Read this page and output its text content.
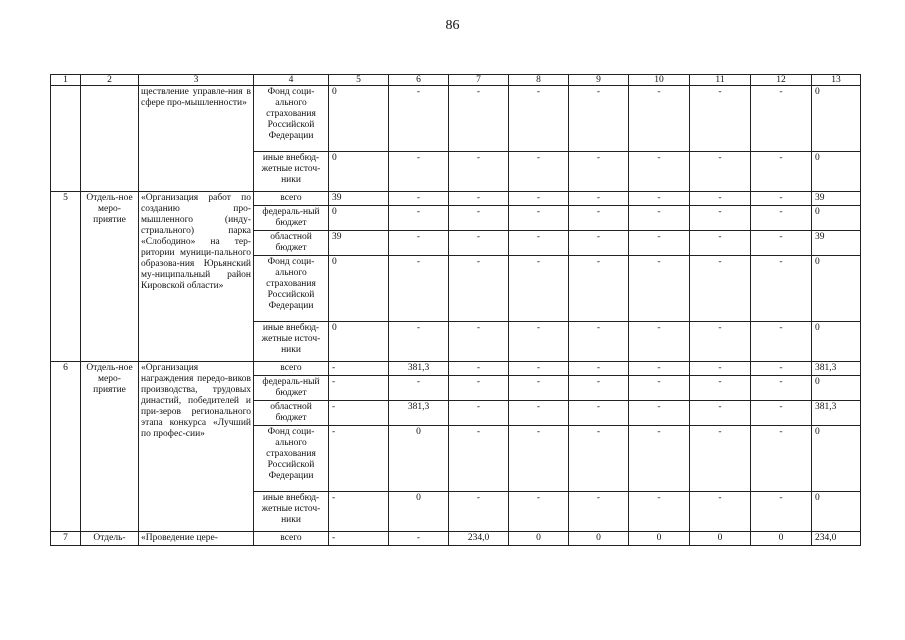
86
1	2	3	4	5	6	7	8	9	10	11	12	13
		ществление управле-ния в сфере про-мышленности»	Фонд соци-ального страхования Российской Федерации	0	-	-	-	-	-	-	-	0
			иные внебюд-жетные источ-ники	0	-	-	-	-	-	-	-	0
5	Отдель-ное меро-приятие	«Организация работ по созданию про-мышленного (инду-стриального) парка «Слободино» на тер-ритории муници-пального образова-ния Юрьянский му-ниципальный район Кировской области»	всего	39	-	-	-	-	-	-	-	39
			федераль-ный бюджет	0	-	-	-	-	-	-	-	0
			областной бюджет	39	-	-	-	-	-	-	-	39
			Фонд соци-ального страхования Российской Федерации	0	-	-	-	-	-	-	-	0
			иные внебюд-жетные источ-ники	0	-	-	-	-	-	-	-	0
6	Отдель-ное меро-приятие	«Организация награждения передо-виков производства, трудовых династий, победителей и при-зеров регионального этапа конкурса «Лучший по профес-сии»	всего	-	381,3	-	-	-	-	-	-	381,3
			федераль-ный бюджет	-	-	-	-	-	-	-	-	0
			областной бюджет	-	381,3	-	-	-	-	-	-	381,3
			Фонд соци-ального страхования Российской Федерации	-	0	-	-	-	-	-	-	0
			иные внебюд-жетные источ-ники	-	0	-	-	-	-	-	-	0
7	Отдель-	«Проведение цере-	всего	-	-	234,0	0	0	0	0	0	234,0
